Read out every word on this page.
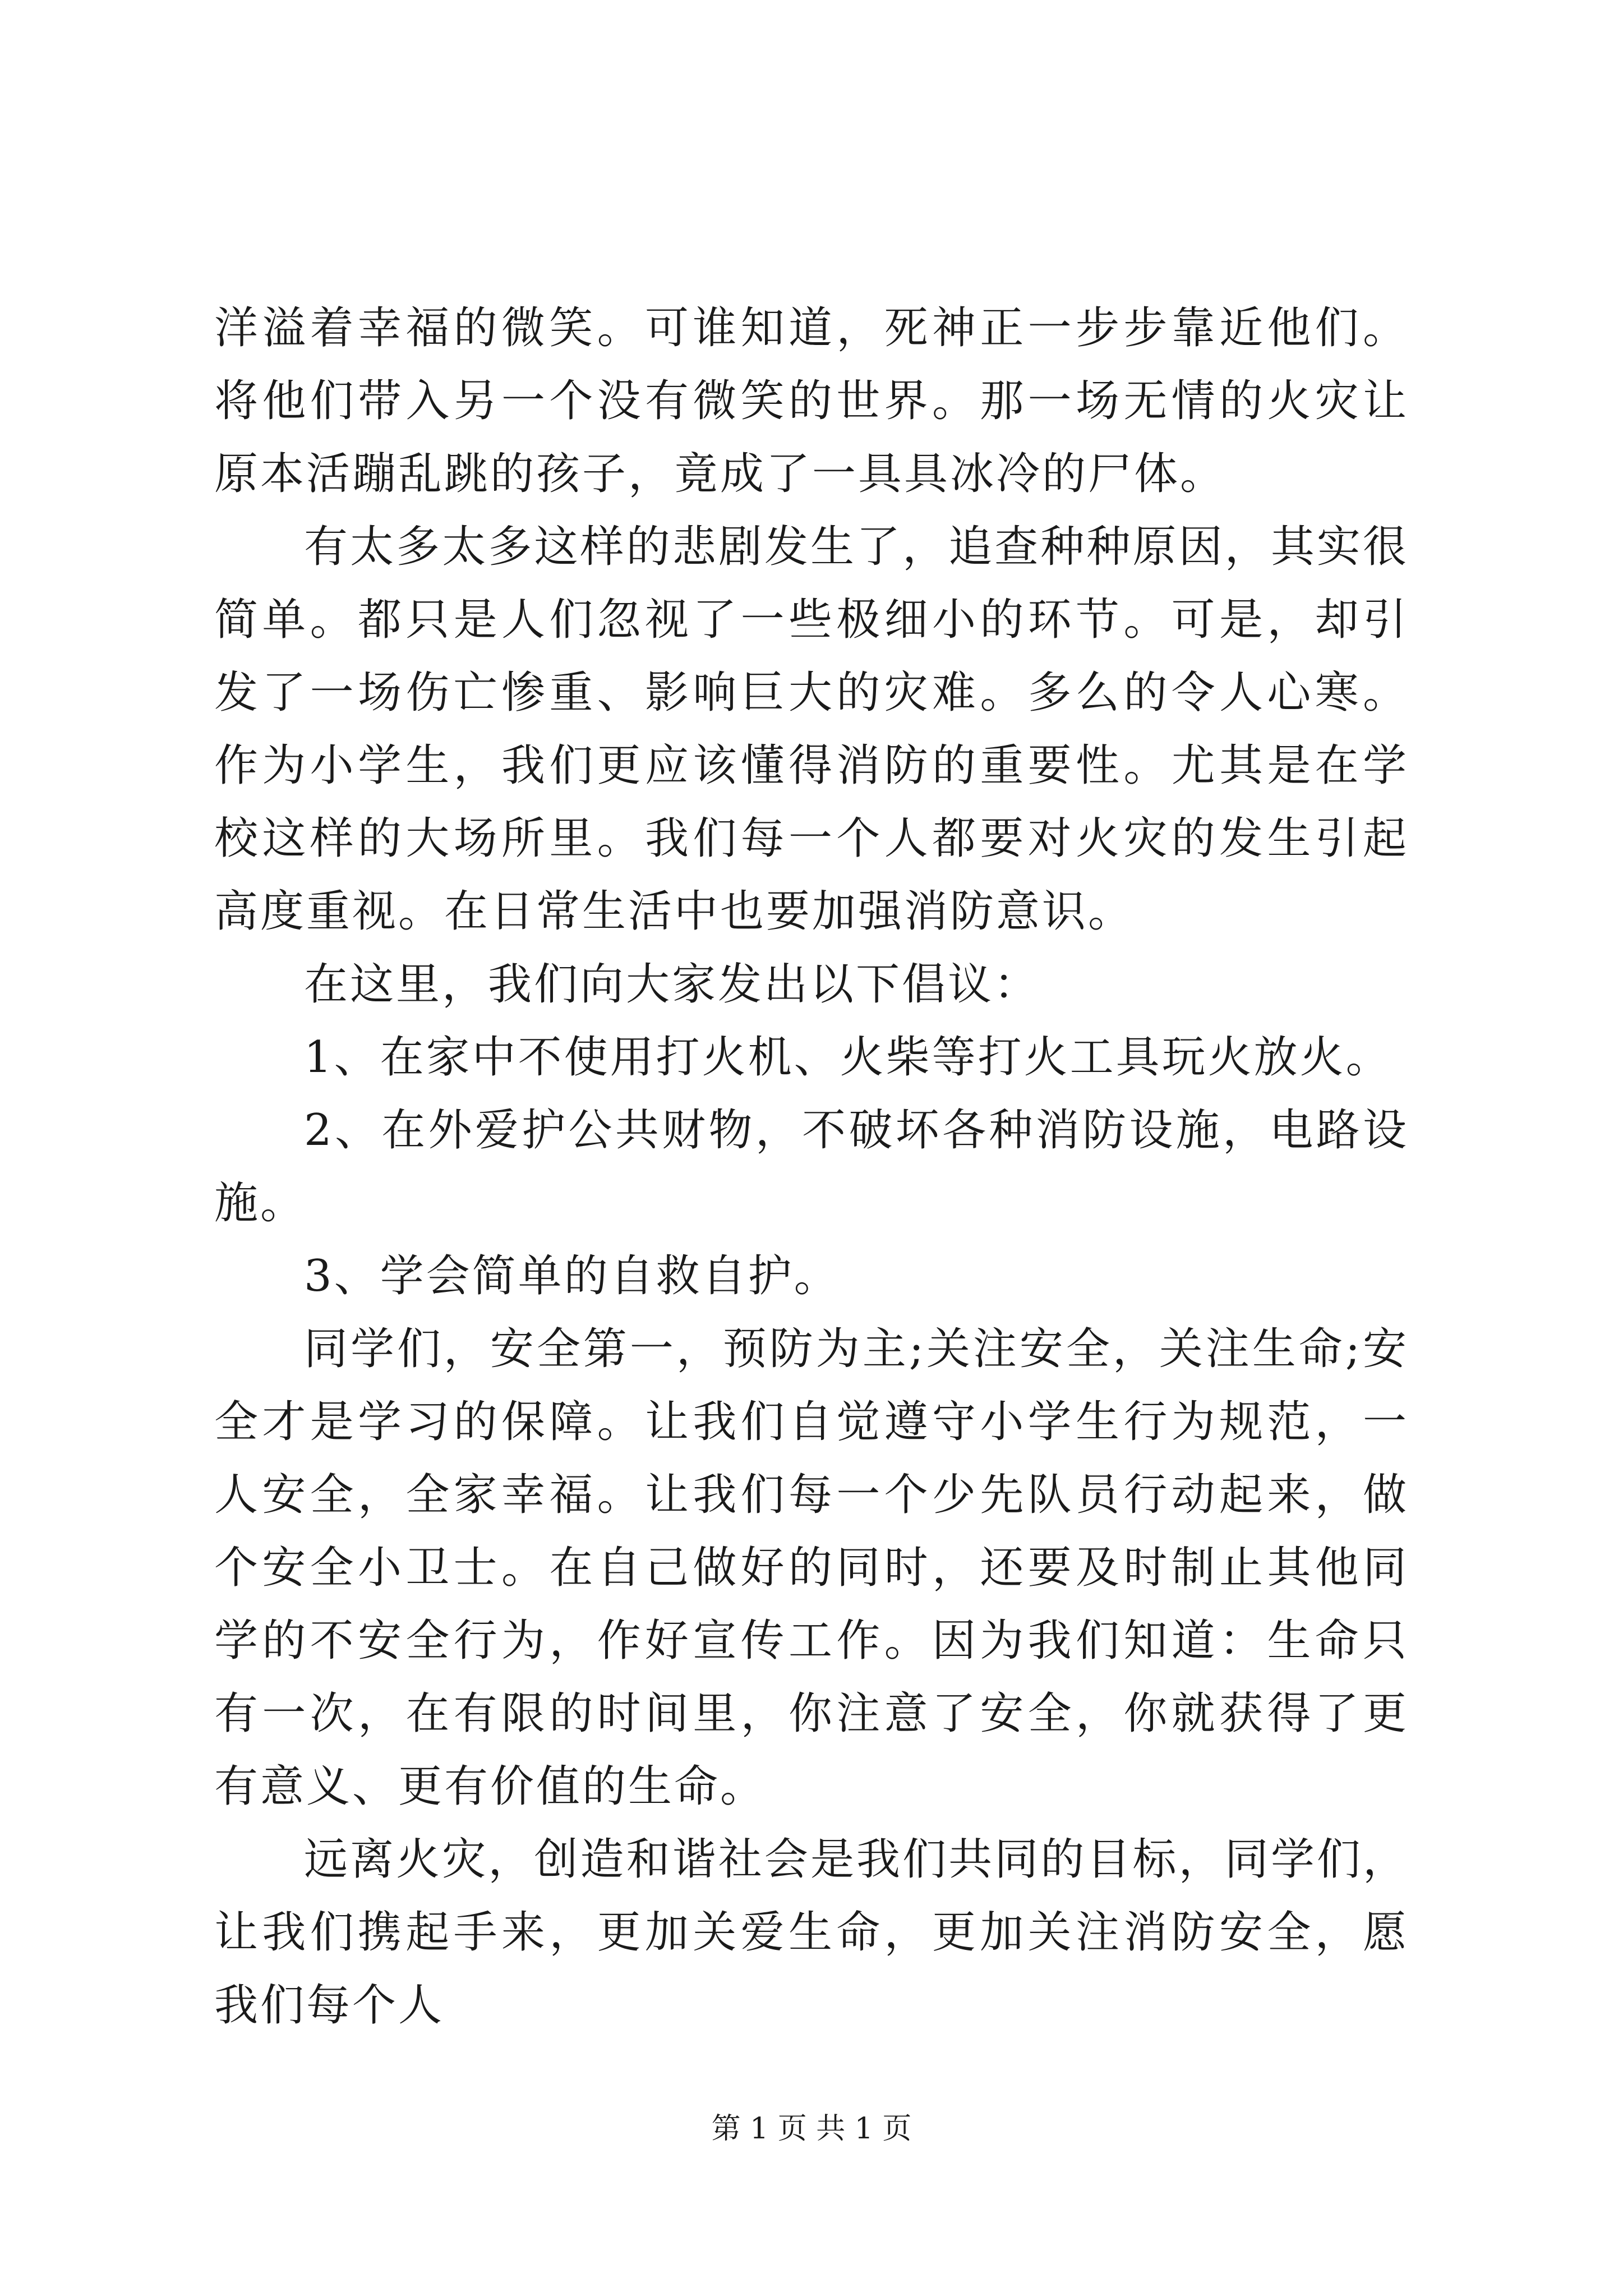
洋溢着幸福的微笑。可谁知道，死神正一步步靠近他们。将他们带入另一个没有微笑的世界。那一场无情的火灾让原本活蹦乱跳的孩子，竟成了一具具冰冷的尸体。

有太多太多这样的悲剧发生了，追查种种原因，其实很简单。都只是人们忽视了一些极细小的环节。可是，却引发了一场伤亡惨重、影响巨大的灾难。多么的令人心寒。作为小学生，我们更应该懂得消防的重要性。尤其是在学校这样的大场所里。我们每一个人都要对火灾的发生引起高度重视。在日常生活中也要加强消防意识。

在这里，我们向大家发出以下倡议：

1、在家中不使用打火机、火柴等打火工具玩火放火。

2、在外爱护公共财物，不破坏各种消防设施，电路设施。

3、学会简单的自救自护。

同学们，安全第一，预防为主;关注安全，关注生命;安全才是学习的保障。让我们自觉遵守小学生行为规范，一人安全，全家幸福。让我们每一个少先队员行动起来，做个安全小卫士。在自己做好的同时，还要及时制止其他同学的不安全行为，作好宣传工作。因为我们知道：生命只有一次，在有限的时间里，你注意了安全，你就获得了更有意义、更有价值的生命。

远离火灾，创造和谐社会是我们共同的目标，同学们，让我们携起手来，更加关爱生命，更加关注消防安全，愿我们每个人

第 1 页 共 1 页
